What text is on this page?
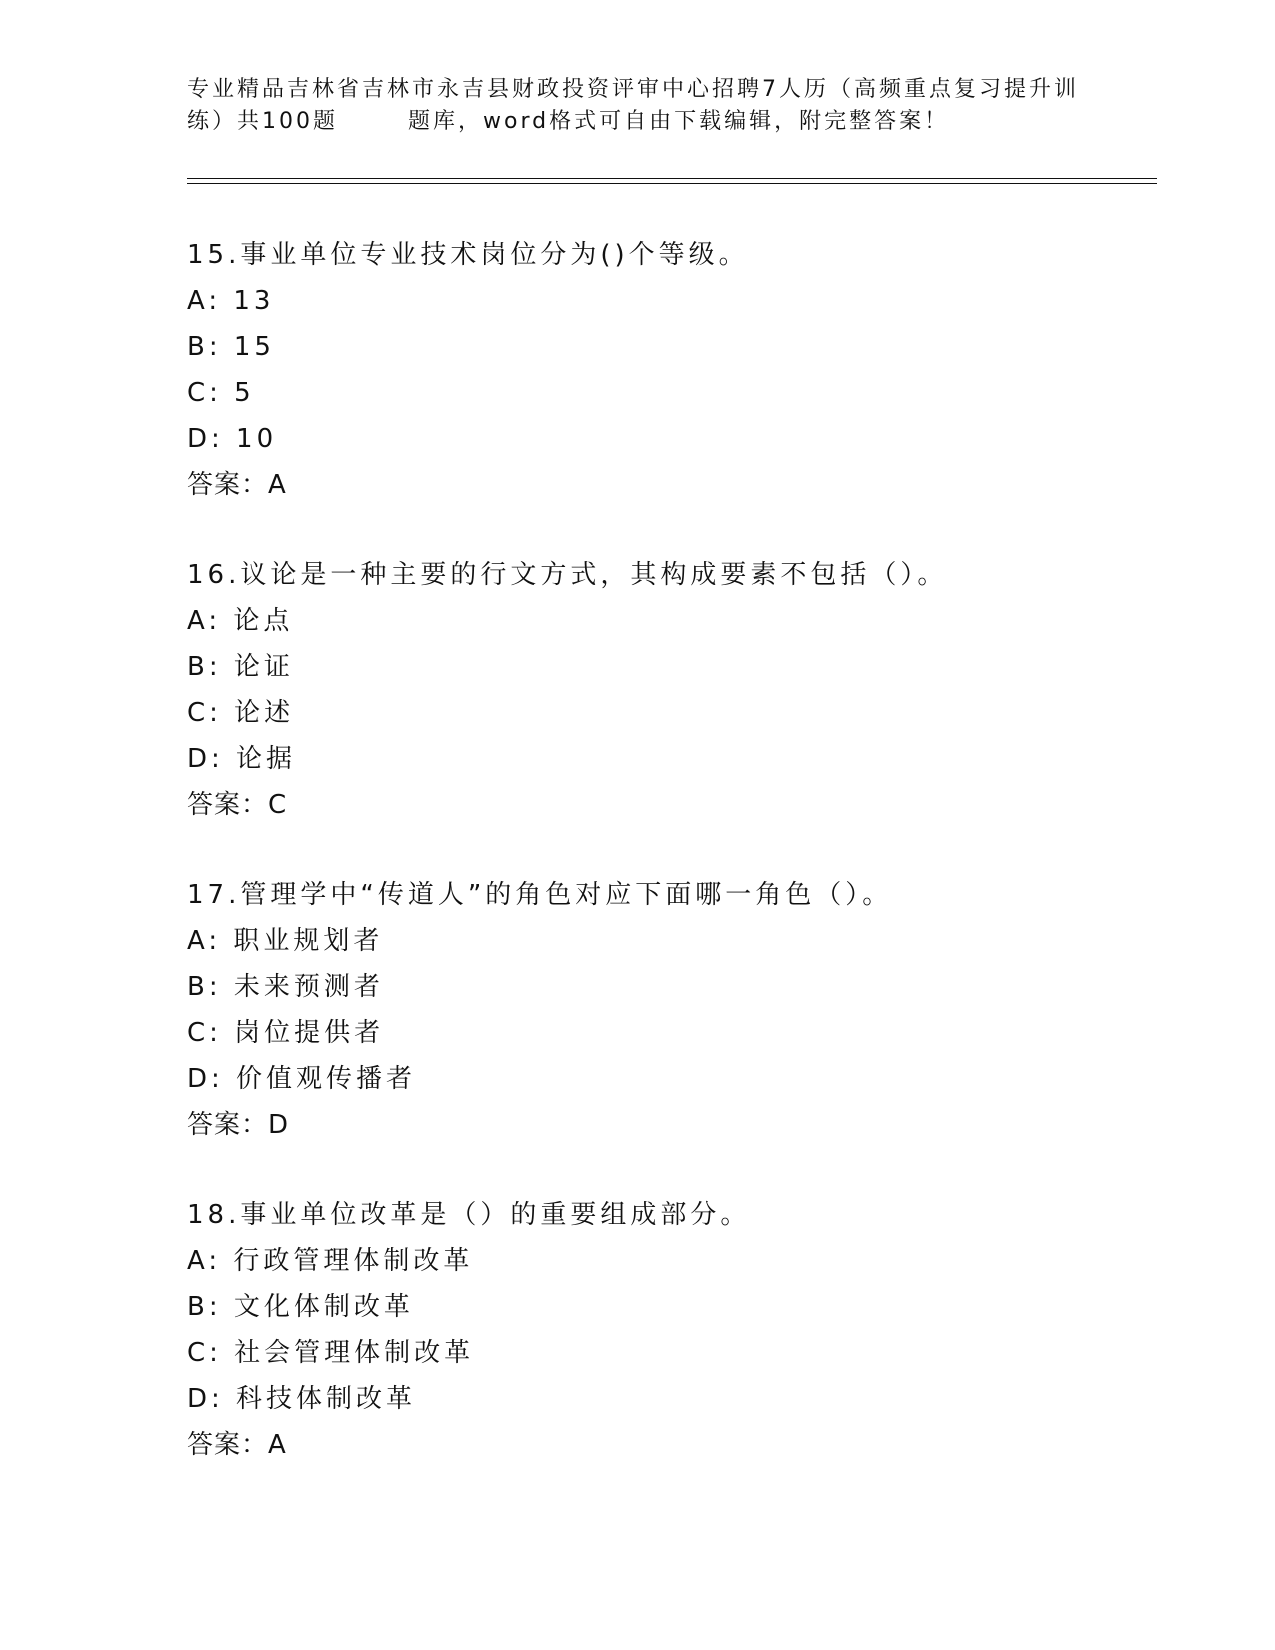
专业精品吉林省吉林市永吉县财政投资评审中心招聘7人历（高频重点复习提升训
练）共100题	题库，word格式可自由下载编辑，附完整答案！
15.事业单位专业技术岗位分为()个等级。
A: 13
B: 15
C: 5
D: 10
答案：A
16.议论是一种主要的行文方式，其构成要素不包括（）。
A: 论点
B: 论证
C: 论述
D: 论据
答案：C
17.管理学中“传道人”的角色对应下面哪一角色（）。
A: 职业规划者
B: 未来预测者
C: 岗位提供者
D: 价值观传播者
答案：D
18.事业单位改革是（）的重要组成部分。
A: 行政管理体制改革
B: 文化体制改革
C: 社会管理体制改革
D: 科技体制改革
答案：A
